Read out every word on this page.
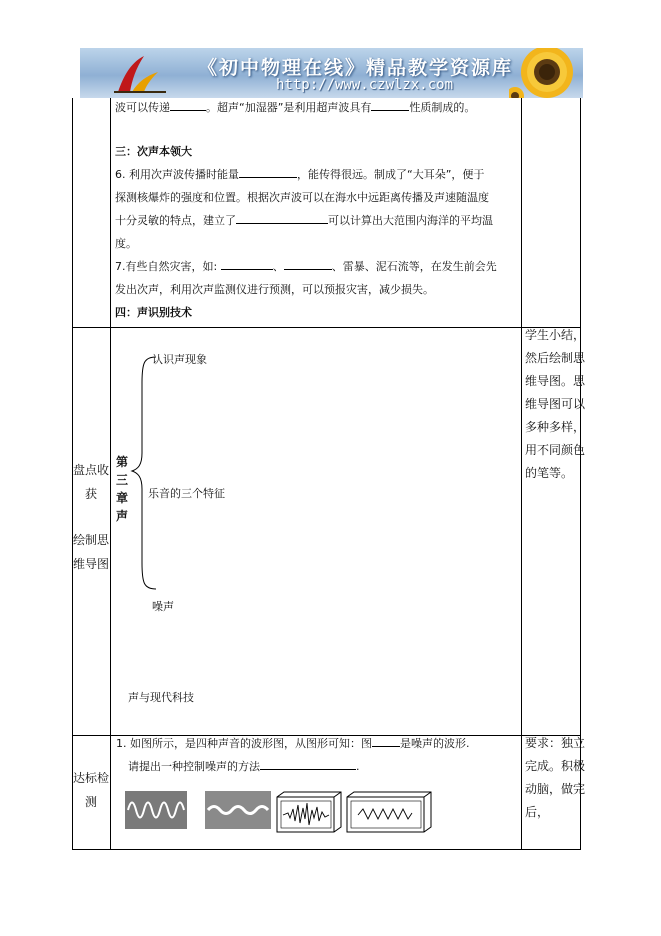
《初中物理在线》精品教学资源库
http://www.czwlzx.com
波可以传递	。超声“加湿器”是利用超声波具有	性质制成的。
三：次声本领大
6. 利用次声波传播时能量	，能传得很远。制成了“大耳朵”，便于
探测核爆炸的强度和位置。根据次声波可以在海水中远距离传播及声速随温度
十分灵敏的特点，建立了	可以计算出大范围内海洋的平均温
度。
7.有些自然灾害，如:	、	、雷暴、泥石流等，在发生前会先
发出次声，利用次声监测仪进行预测，可以预报灾害，减少损失。
四：声识别技术
盘点收获
绘制思维导图
第三章声
认识声现象
乐音的三个特征
噪声
声与现代科技
学生小结，然后绘制思维导图。思维导图可以多种多样，用不同颜色的笔等。
达标检测
1. 如图所示，是四种声音的波形图，从图形可知：图	是噪声的波形.
请提出一种控制噪声的方法	.
要求：独立完成。积极动脑，做完后，
